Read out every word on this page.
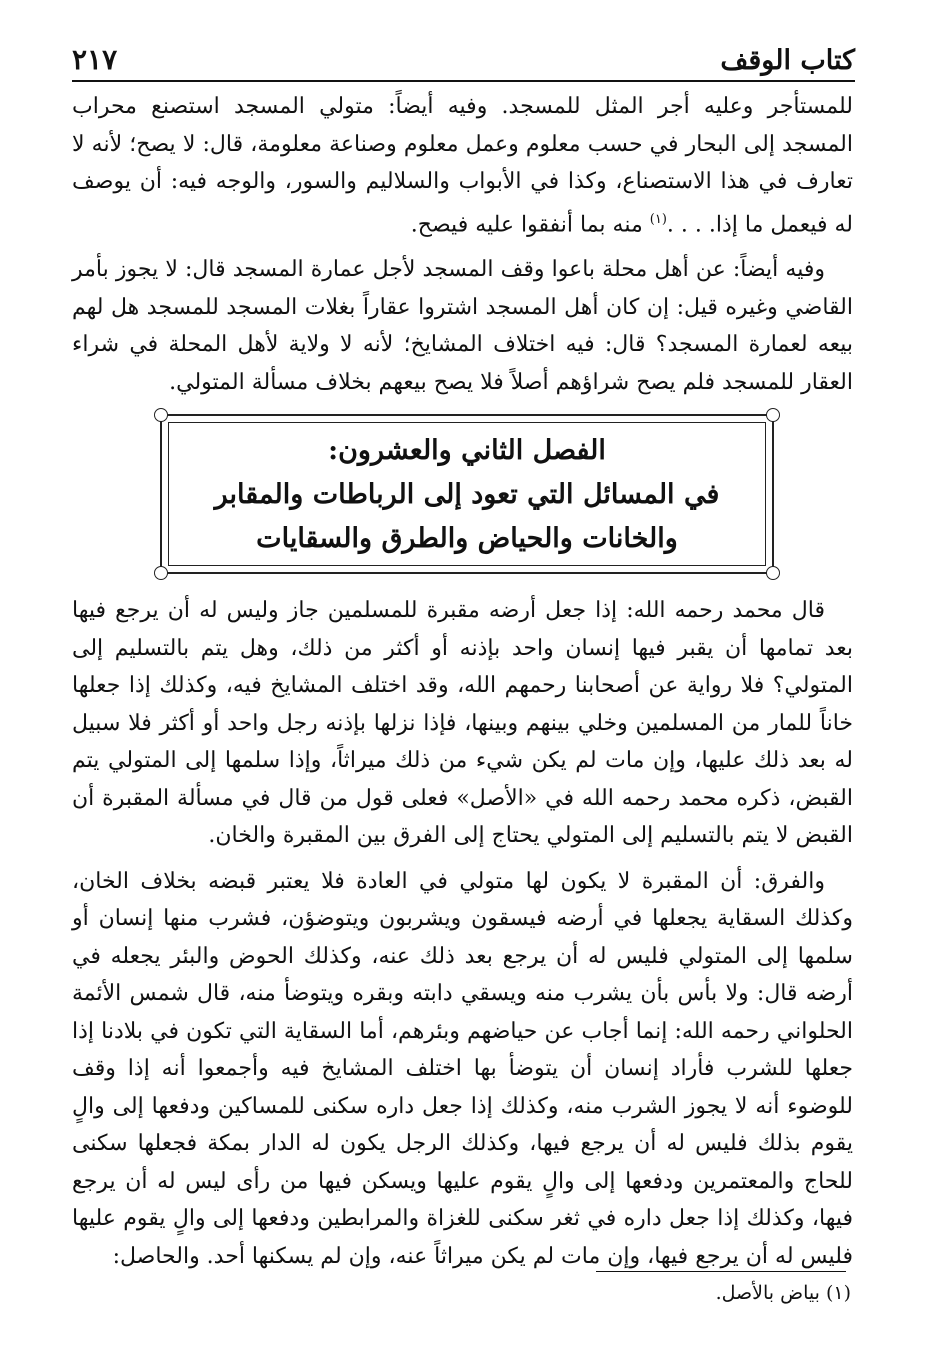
٢١٧	كتاب الوقف

للمستأجر وعليه أجر المثل للمسجد. وفيه أيضاً: متولي المسجد استصنع محراب المسجد إلى البحار في حسب معلوم وعمل معلوم وصناعة معلومة، قال: لا يصح؛ لأنه لا تعارف في هذا الاستصناع، وكذا في الأبواب والسلاليم والسور، والوجه فيه: أن يوصف له فيعمل ما إذا. . . .$^{(١)}$ منه بما أنفقوا عليه فيصح.

وفيه أيضاً: عن أهل محلة باعوا وقف المسجد لأجل عمارة المسجد قال: لا يجوز بأمر القاضي وغيره قيل: إن كان أهل المسجد اشتروا عقاراً بغلات المسجد للمسجد هل لهم بيعه لعمارة المسجد؟ قال: فيه اختلاف المشايخ؛ لأنه لا ولاية لأهل المحلة في شراء العقار للمسجد فلم يصح شراؤهم أصلاً فلا يصح بيعهم بخلاف مسألة المتولي.

الفصل الثاني والعشرون:
في المسائل التي تعود إلى الرباطات والمقابر
والخانات والحياض والطرق والسقايات

قال محمد رحمه الله: إذا جعل أرضه مقبرة للمسلمين جاز وليس له أن يرجع فيها بعد تمامها أن يقبر فيها إنسان واحد بإذنه أو أكثر من ذلك، وهل يتم بالتسليم إلى المتولي؟ فلا رواية عن أصحابنا رحمهم الله، وقد اختلف المشايخ فيه، وكذلك إذا جعلها خاناً للمار من المسلمين وخلي بينهم وبينها، فإذا نزلها بإذنه رجل واحد أو أكثر فلا سبيل له بعد ذلك عليها، وإن مات لم يكن شيء من ذلك ميراثاً، وإذا سلمها إلى المتولي يتم القبض، ذكره محمد رحمه الله في «الأصل» فعلى قول من قال في مسألة المقبرة أن القبض لا يتم بالتسليم إلى المتولي يحتاج إلى الفرق بين المقبرة والخان.

والفرق: أن المقبرة لا يكون لها متولي في العادة فلا يعتبر قبضه بخلاف الخان، وكذلك السقاية يجعلها في أرضه فيسقون ويشربون ويتوضؤن، فشرب منها إنسان أو سلمها إلى المتولي فليس له أن يرجع بعد ذلك عنه، وكذلك الحوض والبئر يجعله في أرضه قال: ولا بأس بأن يشرب منه ويسقي دابته وبقره ويتوضأ منه، قال شمس الأئمة الحلواني رحمه الله: إنما أجاب عن حياضهم وبئرهم، أما السقاية التي تكون في بلادنا إذا جعلها للشرب فأراد إنسان أن يتوضأ بها اختلف المشايخ فيه وأجمعوا أنه إذا وقف للوضوء أنه لا يجوز الشرب منه، وكذلك إذا جعل داره سكنى للمساكين ودفعها إلى والٍ يقوم بذلك فليس له أن يرجع فيها، وكذلك الرجل يكون له الدار بمكة فجعلها سكنى للحاج والمعتمرين ودفعها إلى والٍ يقوم عليها ويسكن فيها من رأى ليس له أن يرجع فيها، وكذلك إذا جعل داره في ثغر سكنى للغزاة والمرابطين ودفعها إلى والٍ يقوم عليها فليس له أن يرجع فيها، وإن مات لم يكن ميراثاً عنه، وإن لم يسكنها أحد. والحاصل:

(١) بياض بالأصل.
